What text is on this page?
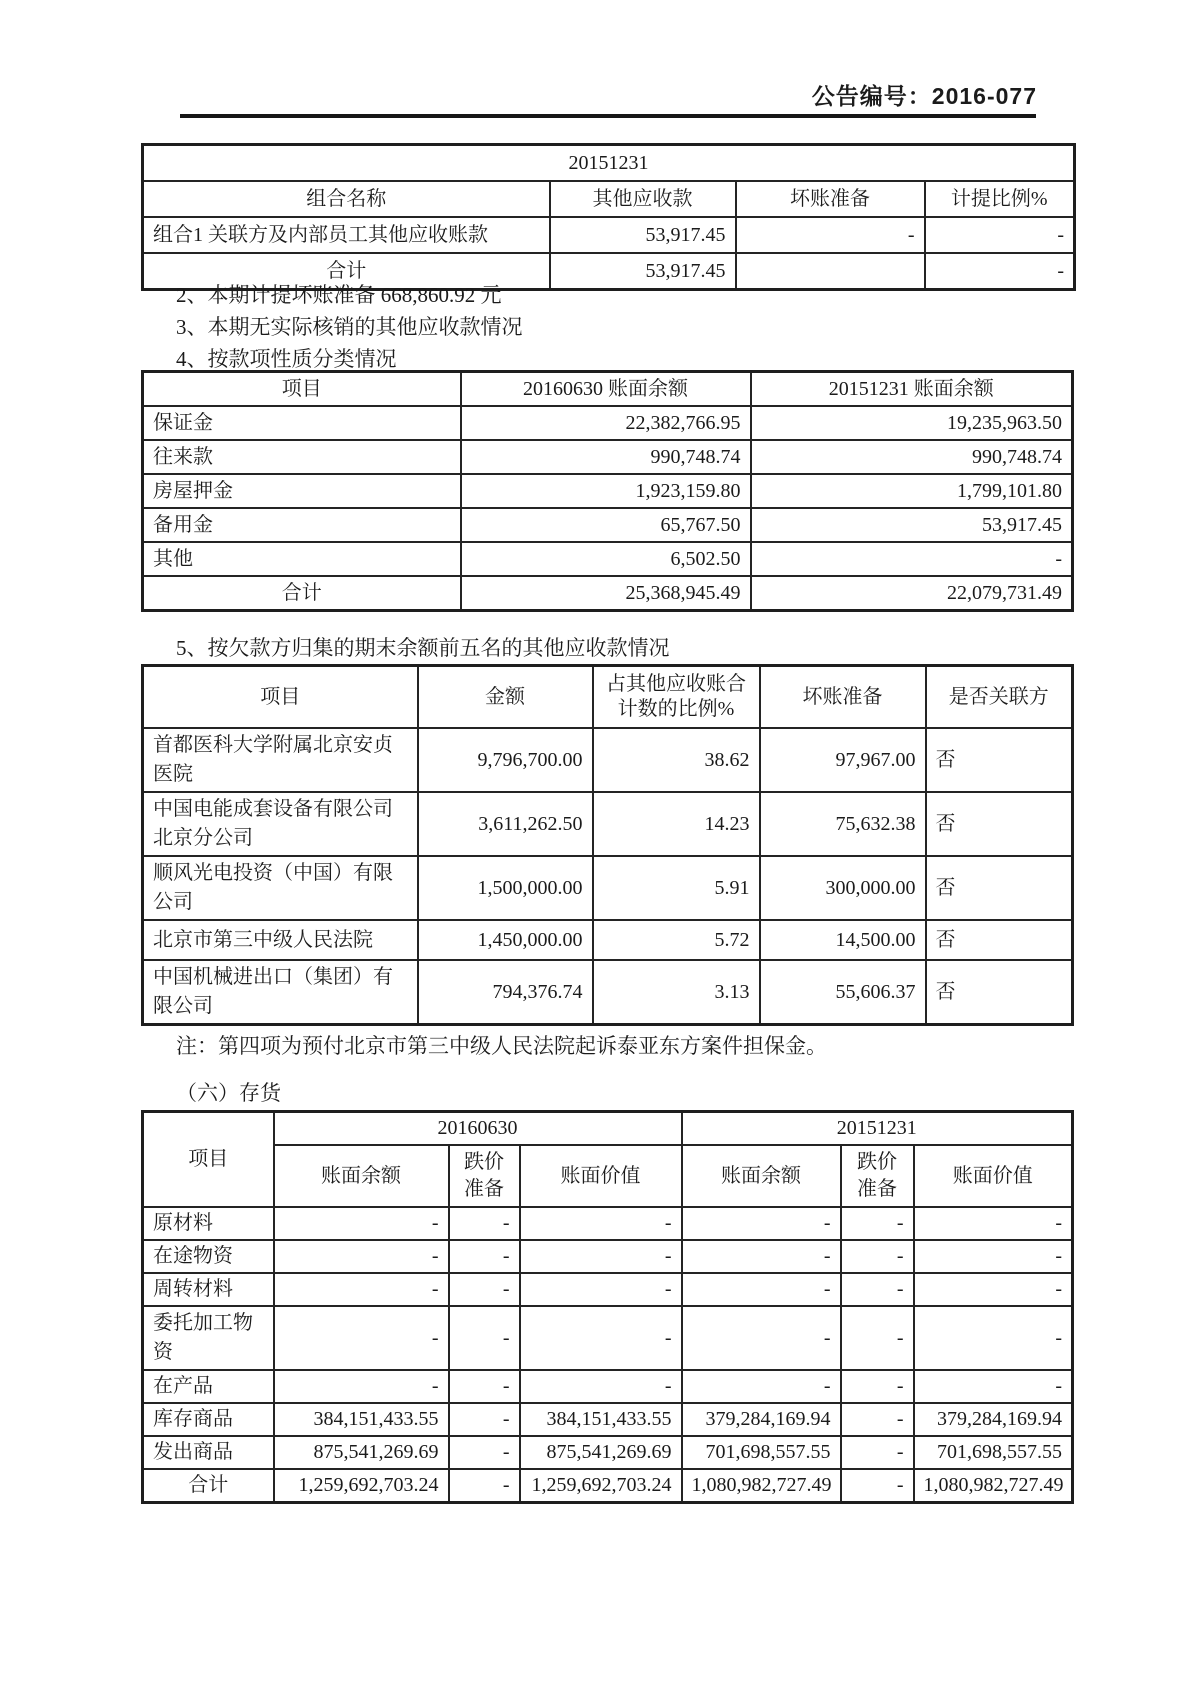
公告编号：2016-077
20151231			
组合名称	其他应收款	坏账准备	计提比例%
组合1 关联方及内部员工其他应收账款	53,917.45	-	-
合计	53,917.45		-
2、本期计提坏账准备 668,860.92 元
3、本期无实际核销的其他应收款情况
4、按款项性质分类情况
项目	20160630 账面余额	20151231 账面余额
保证金	22,382,766.95	19,235,963.50
往来款	990,748.74	990,748.74
房屋押金	1,923,159.80	1,799,101.80
备用金	65,767.50	53,917.45
其他	6,502.50	-
合计	25,368,945.49	22,079,731.49
5、按欠款方归集的期末余额前五名的其他应收款情况
项目	金额	占其他应收账合计数的比例%	坏账准备	是否关联方
首都医科大学附属北京安贞医院	9,796,700.00	38.62	97,967.00	否
中国电能成套设备有限公司北京分公司	3,611,262.50	14.23	75,632.38	否
顺风光电投资（中国）有限公司	1,500,000.00	5.91	300,000.00	否
北京市第三中级人民法院	1,450,000.00	5.72	14,500.00	否
中国机械进出口（集团）有限公司	794,376.74	3.13	55,606.37	否
注：第四项为预付北京市第三中级人民法院起诉泰亚东方案件担保金。
（六）存货
项目	20160630			20151231		
	账面余额	跌价准备	账面价值	账面余额	跌价准备	账面价值
原材料	-	-	-	-	-	-
在途物资	-	-	-	-	-	-
周转材料	-	-	-	-	-	-
委托加工物资	-	-	-	-	-	-
在产品	-	-	-	-	-	-
库存商品	384,151,433.55	-	384,151,433.55	379,284,169.94	-	379,284,169.94
发出商品	875,541,269.69	-	875,541,269.69	701,698,557.55	-	701,698,557.55
合计	1,259,692,703.24	-	1,259,692,703.24	1,080,982,727.49	-	1,080,982,727.49
